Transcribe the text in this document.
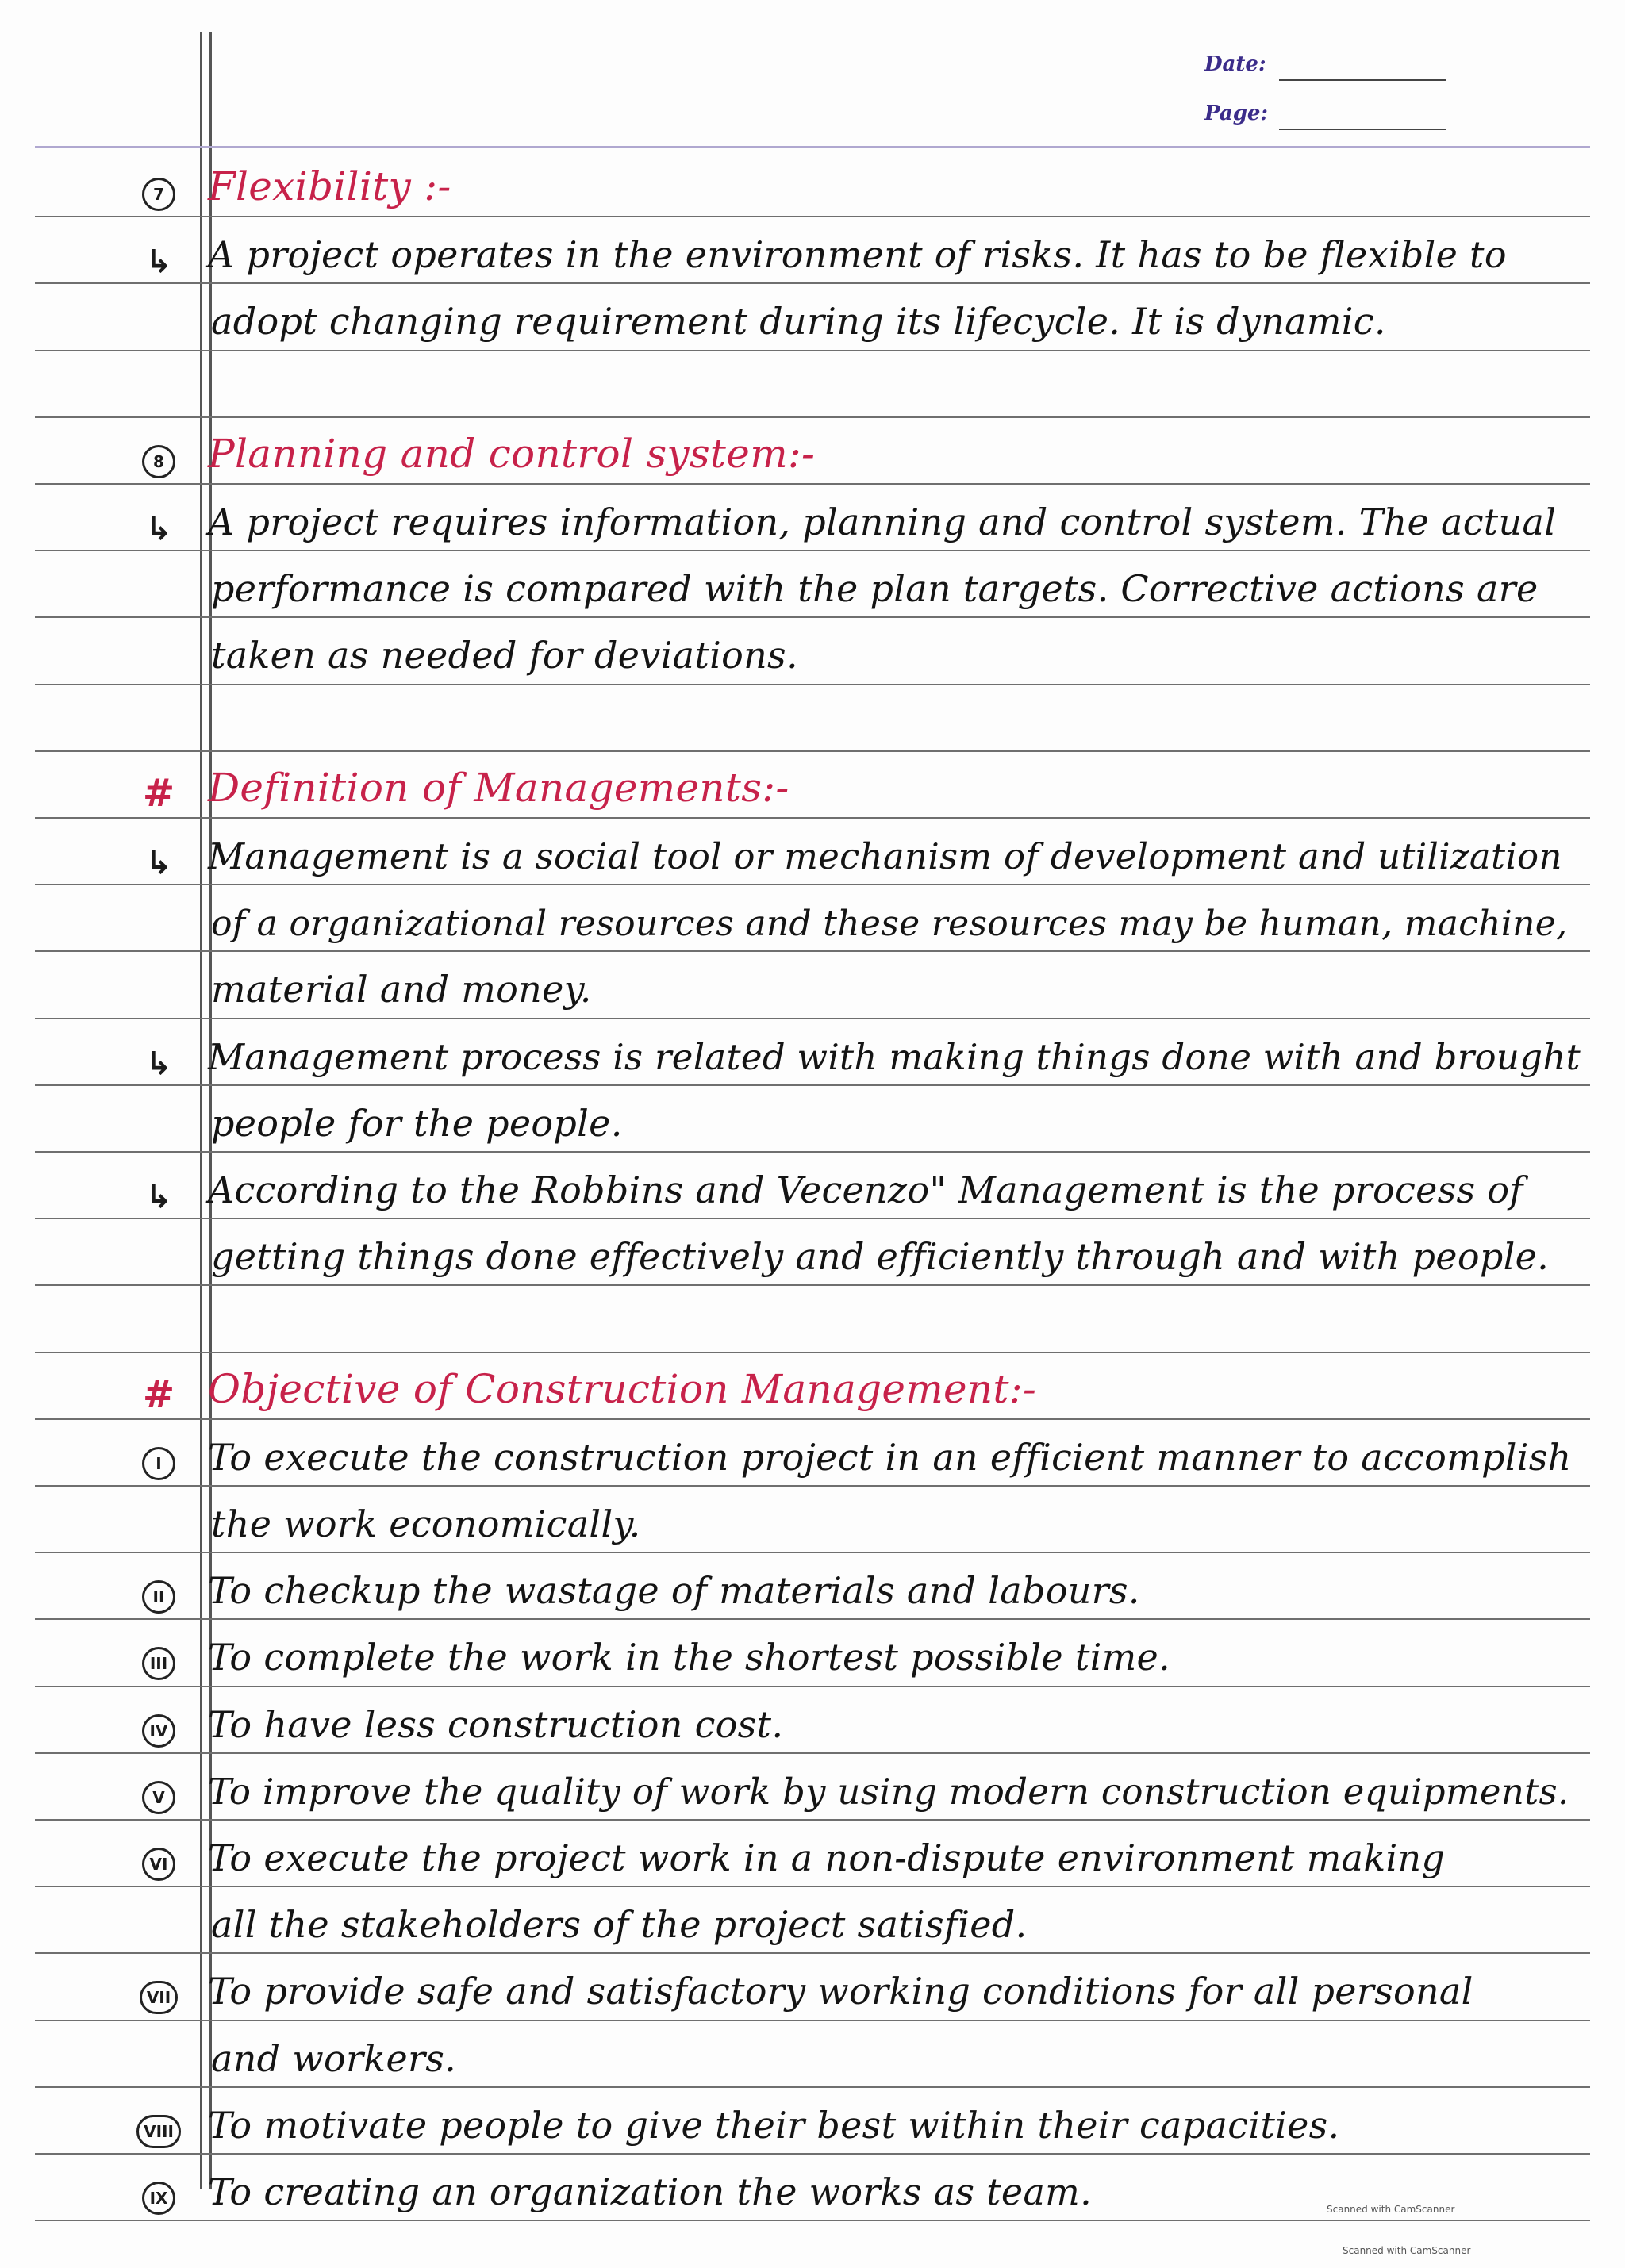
Date:
Page:
7 Flexibility :-
↳ A project operates in the environment of risks. It has to be flexible to
adopt changing requirement during its lifecycle. It is dynamic.
8 Planning and control system:-
↳ A project requires information, planning and control system. The actual
performance is compared with the plan targets. Corrective actions are
taken as needed for deviations.
# Definition of Managements:-
↳ Management is a social tool or mechanism of development and utilization
of a organizational resources and these resources may be human, machine,
material and money.
↳ Management process is related with making things done with and brought
people for the people.
↳ According to the Robbins and Vecenzo" Management is the process of
getting things done effectively and efficiently through and with people.
# Objective of Construction Management:-
I	To execute the construction project in an efficient manner to accomplish
the work economically.
II To checkup the wastage of materials and labours.
III To complete the work in the shortest possible time.
IV To have less construction cost.
V To improve the quality of work by using modern construction equipments.
VI To execute the project work in a non-dispute environment making
all the stakeholders of the project satisfied.
VII To provide safe and satisfactory working conditions for all personal
and workers.
VIII To motivate people to give their best within their capacities.
IX To creating an organization the works as team.	Scanned with CamScanner
Scanned with CamScanner
